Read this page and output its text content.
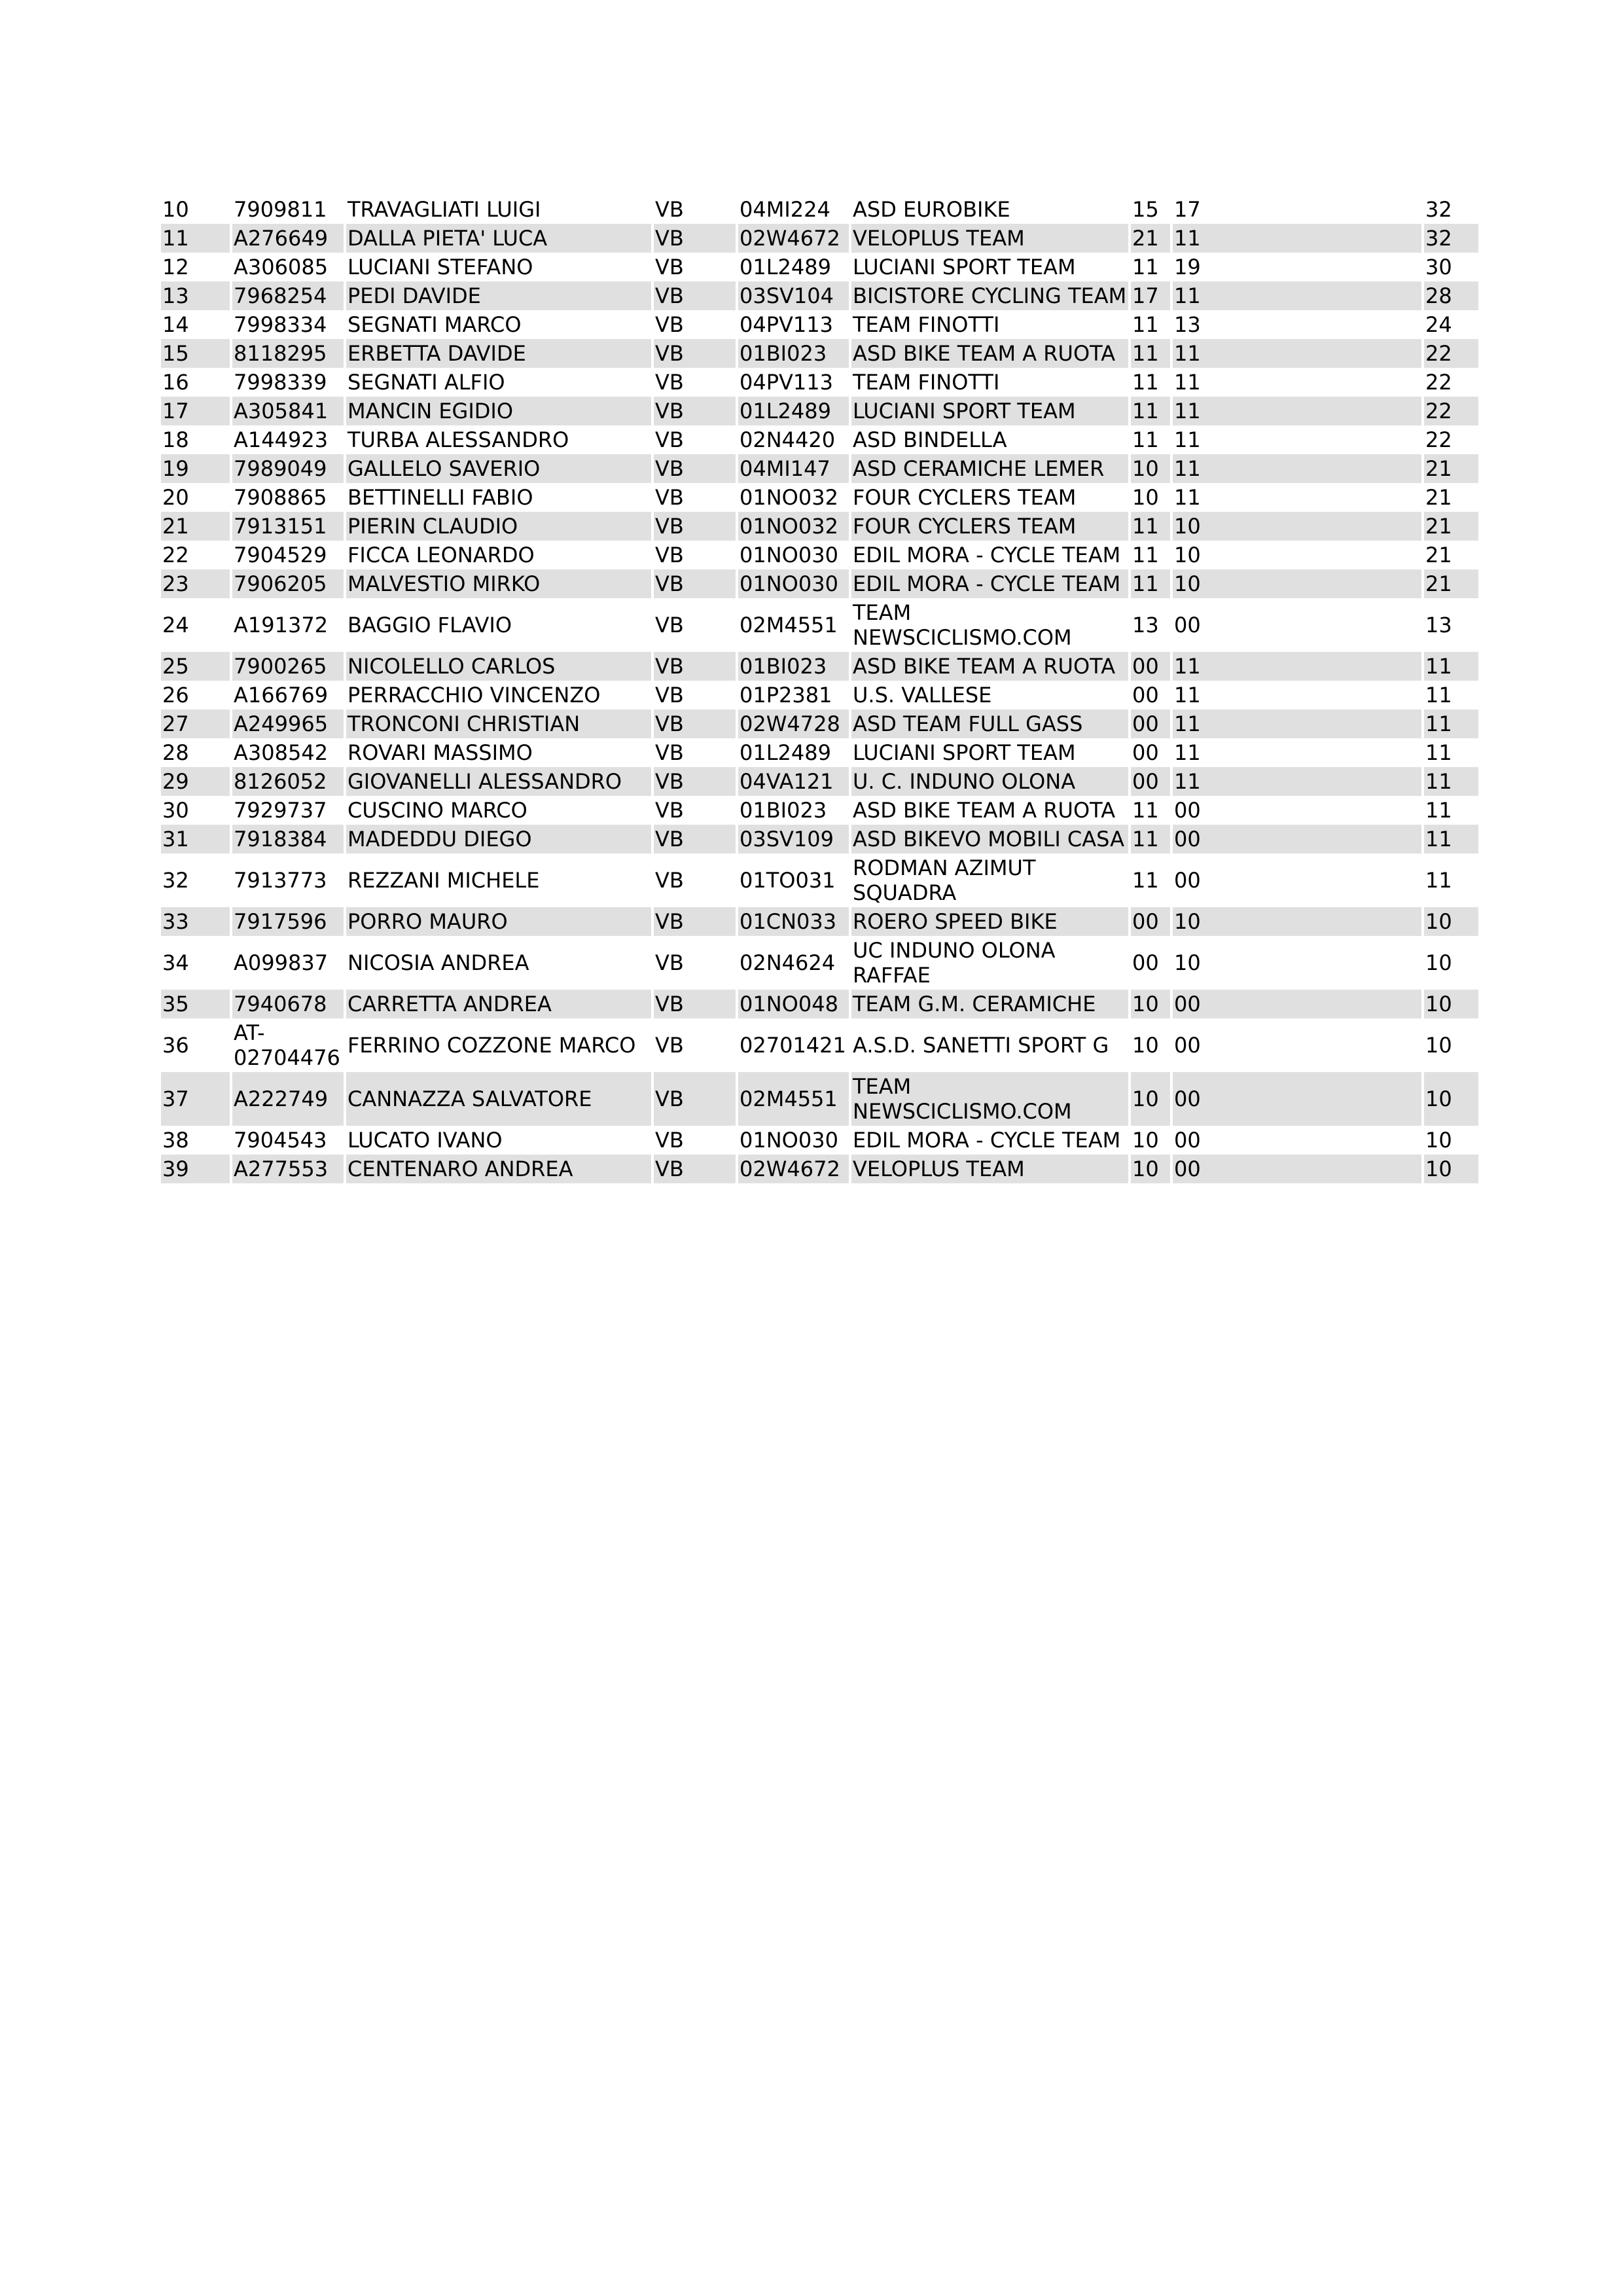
10	7909811	TRAVAGLIATI LUIGI	VB	04MI224	ASD EUROBIKE	15	17	32
11	A276649	DALLA PIETA' LUCA	VB	02W4672	VELOPLUS TEAM	21	11	32
12	A306085	LUCIANI STEFANO	VB	01L2489	LUCIANI SPORT TEAM	11	19	30
13	7968254	PEDI DAVIDE	VB	03SV104	BICISTORE CYCLING TEAM	17	11	28
14	7998334	SEGNATI MARCO	VB	04PV113	TEAM FINOTTI	11	13	24
15	8118295	ERBETTA DAVIDE	VB	01BI023	ASD BIKE TEAM A RUOTA	11	11	22
16	7998339	SEGNATI ALFIO	VB	04PV113	TEAM FINOTTI	11	11	22
17	A305841	MANCIN EGIDIO	VB	01L2489	LUCIANI SPORT TEAM	11	11	22
18	A144923	TURBA ALESSANDRO	VB	02N4420	ASD BINDELLA	11	11	22
19	7989049	GALLELO SAVERIO	VB	04MI147	ASD CERAMICHE LEMER	10	11	21
20	7908865	BETTINELLI FABIO	VB	01NO032	FOUR CYCLERS TEAM	10	11	21
21	7913151	PIERIN CLAUDIO	VB	01NO032	FOUR CYCLERS TEAM	11	10	21
22	7904529	FICCA LEONARDO	VB	01NO030	EDIL MORA - CYCLE TEAM	11	10	21
23	7906205	MALVESTIO MIRKO	VB	01NO030	EDIL MORA - CYCLE TEAM	11	10	21
24	A191372	BAGGIO FLAVIO	VB	02M4551	TEAM NEWSCICLISMO.COM	13	00	13
25	7900265	NICOLELLO CARLOS	VB	01BI023	ASD BIKE TEAM A RUOTA	00	11	11
26	A166769	PERRACCHIO VINCENZO	VB	01P2381	U.S. VALLESE	00	11	11
27	A249965	TRONCONI CHRISTIAN	VB	02W4728	ASD TEAM FULL GASS	00	11	11
28	A308542	ROVARI MASSIMO	VB	01L2489	LUCIANI SPORT TEAM	00	11	11
29	8126052	GIOVANELLI ALESSANDRO	VB	04VA121	U. C. INDUNO OLONA	00	11	11
30	7929737	CUSCINO MARCO	VB	01BI023	ASD BIKE TEAM A RUOTA	11	00	11
31	7918384	MADEDDU DIEGO	VB	03SV109	ASD BIKEVO MOBILI CASA	11	00	11
32	7913773	REZZANI MICHELE	VB	01TO031	RODMAN AZIMUT SQUADRA	11	00	11
33	7917596	PORRO MAURO	VB	01CN033	ROERO SPEED BIKE	00	10	10
34	A099837	NICOSIA ANDREA	VB	02N4624	UC INDUNO OLONA RAFFAE	00	10	10
35	7940678	CARRETTA ANDREA	VB	01NO048	TEAM G.M. CERAMICHE	10	00	10
36	AT-02704476	FERRINO COZZONE MARCO	VB	02701421	A.S.D. SANETTI SPORT G	10	00	10
37	A222749	CANNAZZA SALVATORE	VB	02M4551	TEAM NEWSCICLISMO.COM	10	00	10
38	7904543	LUCATO IVANO	VB	01NO030	EDIL MORA - CYCLE TEAM	10	00	10
39	A277553	CENTENARO ANDREA	VB	02W4672	VELOPLUS TEAM	10	00	10
